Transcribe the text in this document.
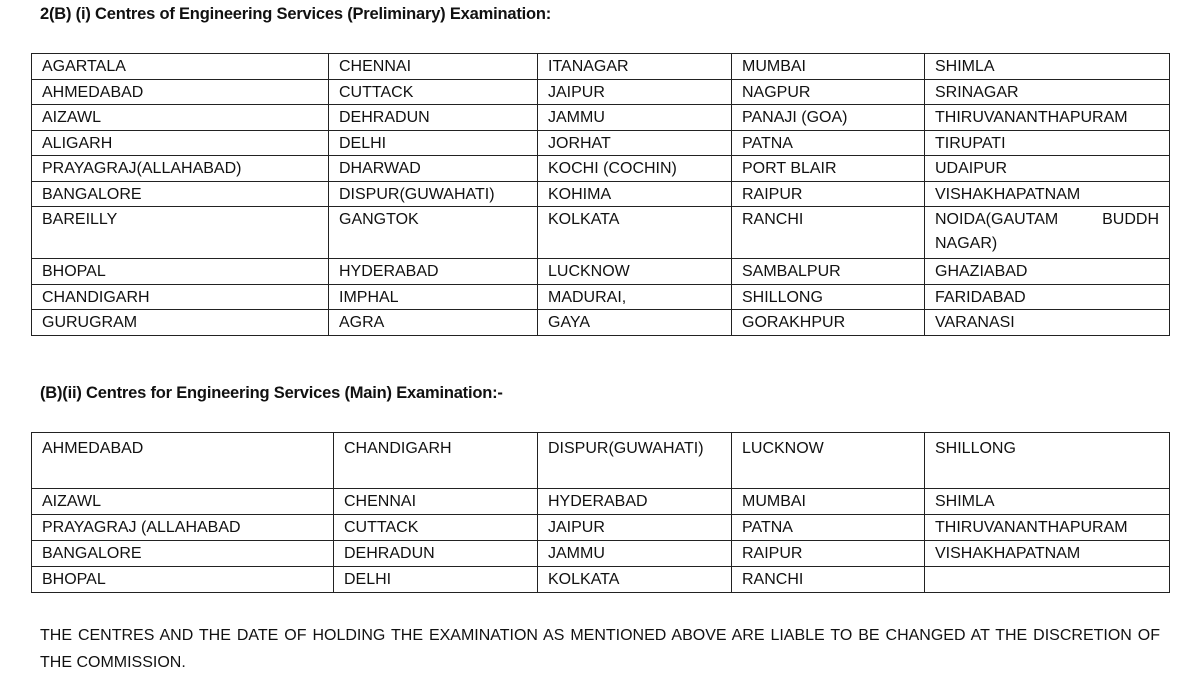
2(B) (i) Centres of Engineering Services (Preliminary) Examination:
AGARTALA	CHENNAI	ITANAGAR	MUMBAI	SHIMLA
AHMEDABAD	CUTTACK	JAIPUR	NAGPUR	SRINAGAR
AIZAWL	DEHRADUN	JAMMU	PANAJI (GOA)	THIRUVANANTHAPURAM
ALIGARH	DELHI	JORHAT	PATNA	TIRUPATI
PRAYAGRAJ(ALLAHABAD)	DHARWAD	KOCHI (COCHIN)	PORT BLAIR	UDAIPUR
BANGALORE	DISPUR(GUWAHATI)	KOHIMA	RAIPUR	VISHAKHAPATNAM
BAREILLY	GANGTOK	KOLKATA	RANCHI	NOIDA(GAUTAM BUDDH NAGAR)
BHOPAL	HYDERABAD	LUCKNOW	SAMBALPUR	GHAZIABAD
CHANDIGARH	IMPHAL	MADURAI,	SHILLONG	FARIDABAD
GURUGRAM	AGRA	GAYA	GORAKHPUR	VARANASI
(B)(ii) Centres for Engineering Services (Main) Examination:-
AHMEDABAD	CHANDIGARH	DISPUR(GUWAHATI)	LUCKNOW	SHILLONG
AIZAWL	CHENNAI	HYDERABAD	MUMBAI	SHIMLA
PRAYAGRAJ (ALLAHABAD	CUTTACK	JAIPUR	PATNA	THIRUVANANTHAPURAM
BANGALORE	DEHRADUN	JAMMU	RAIPUR	VISHAKHAPATNAM
BHOPAL	DELHI	KOLKATA	RANCHI	
THE CENTRES AND THE DATE OF HOLDING THE EXAMINATION AS MENTIONED ABOVE ARE LIABLE TO BE CHANGED AT THE DISCRETION OF THE COMMISSION.
